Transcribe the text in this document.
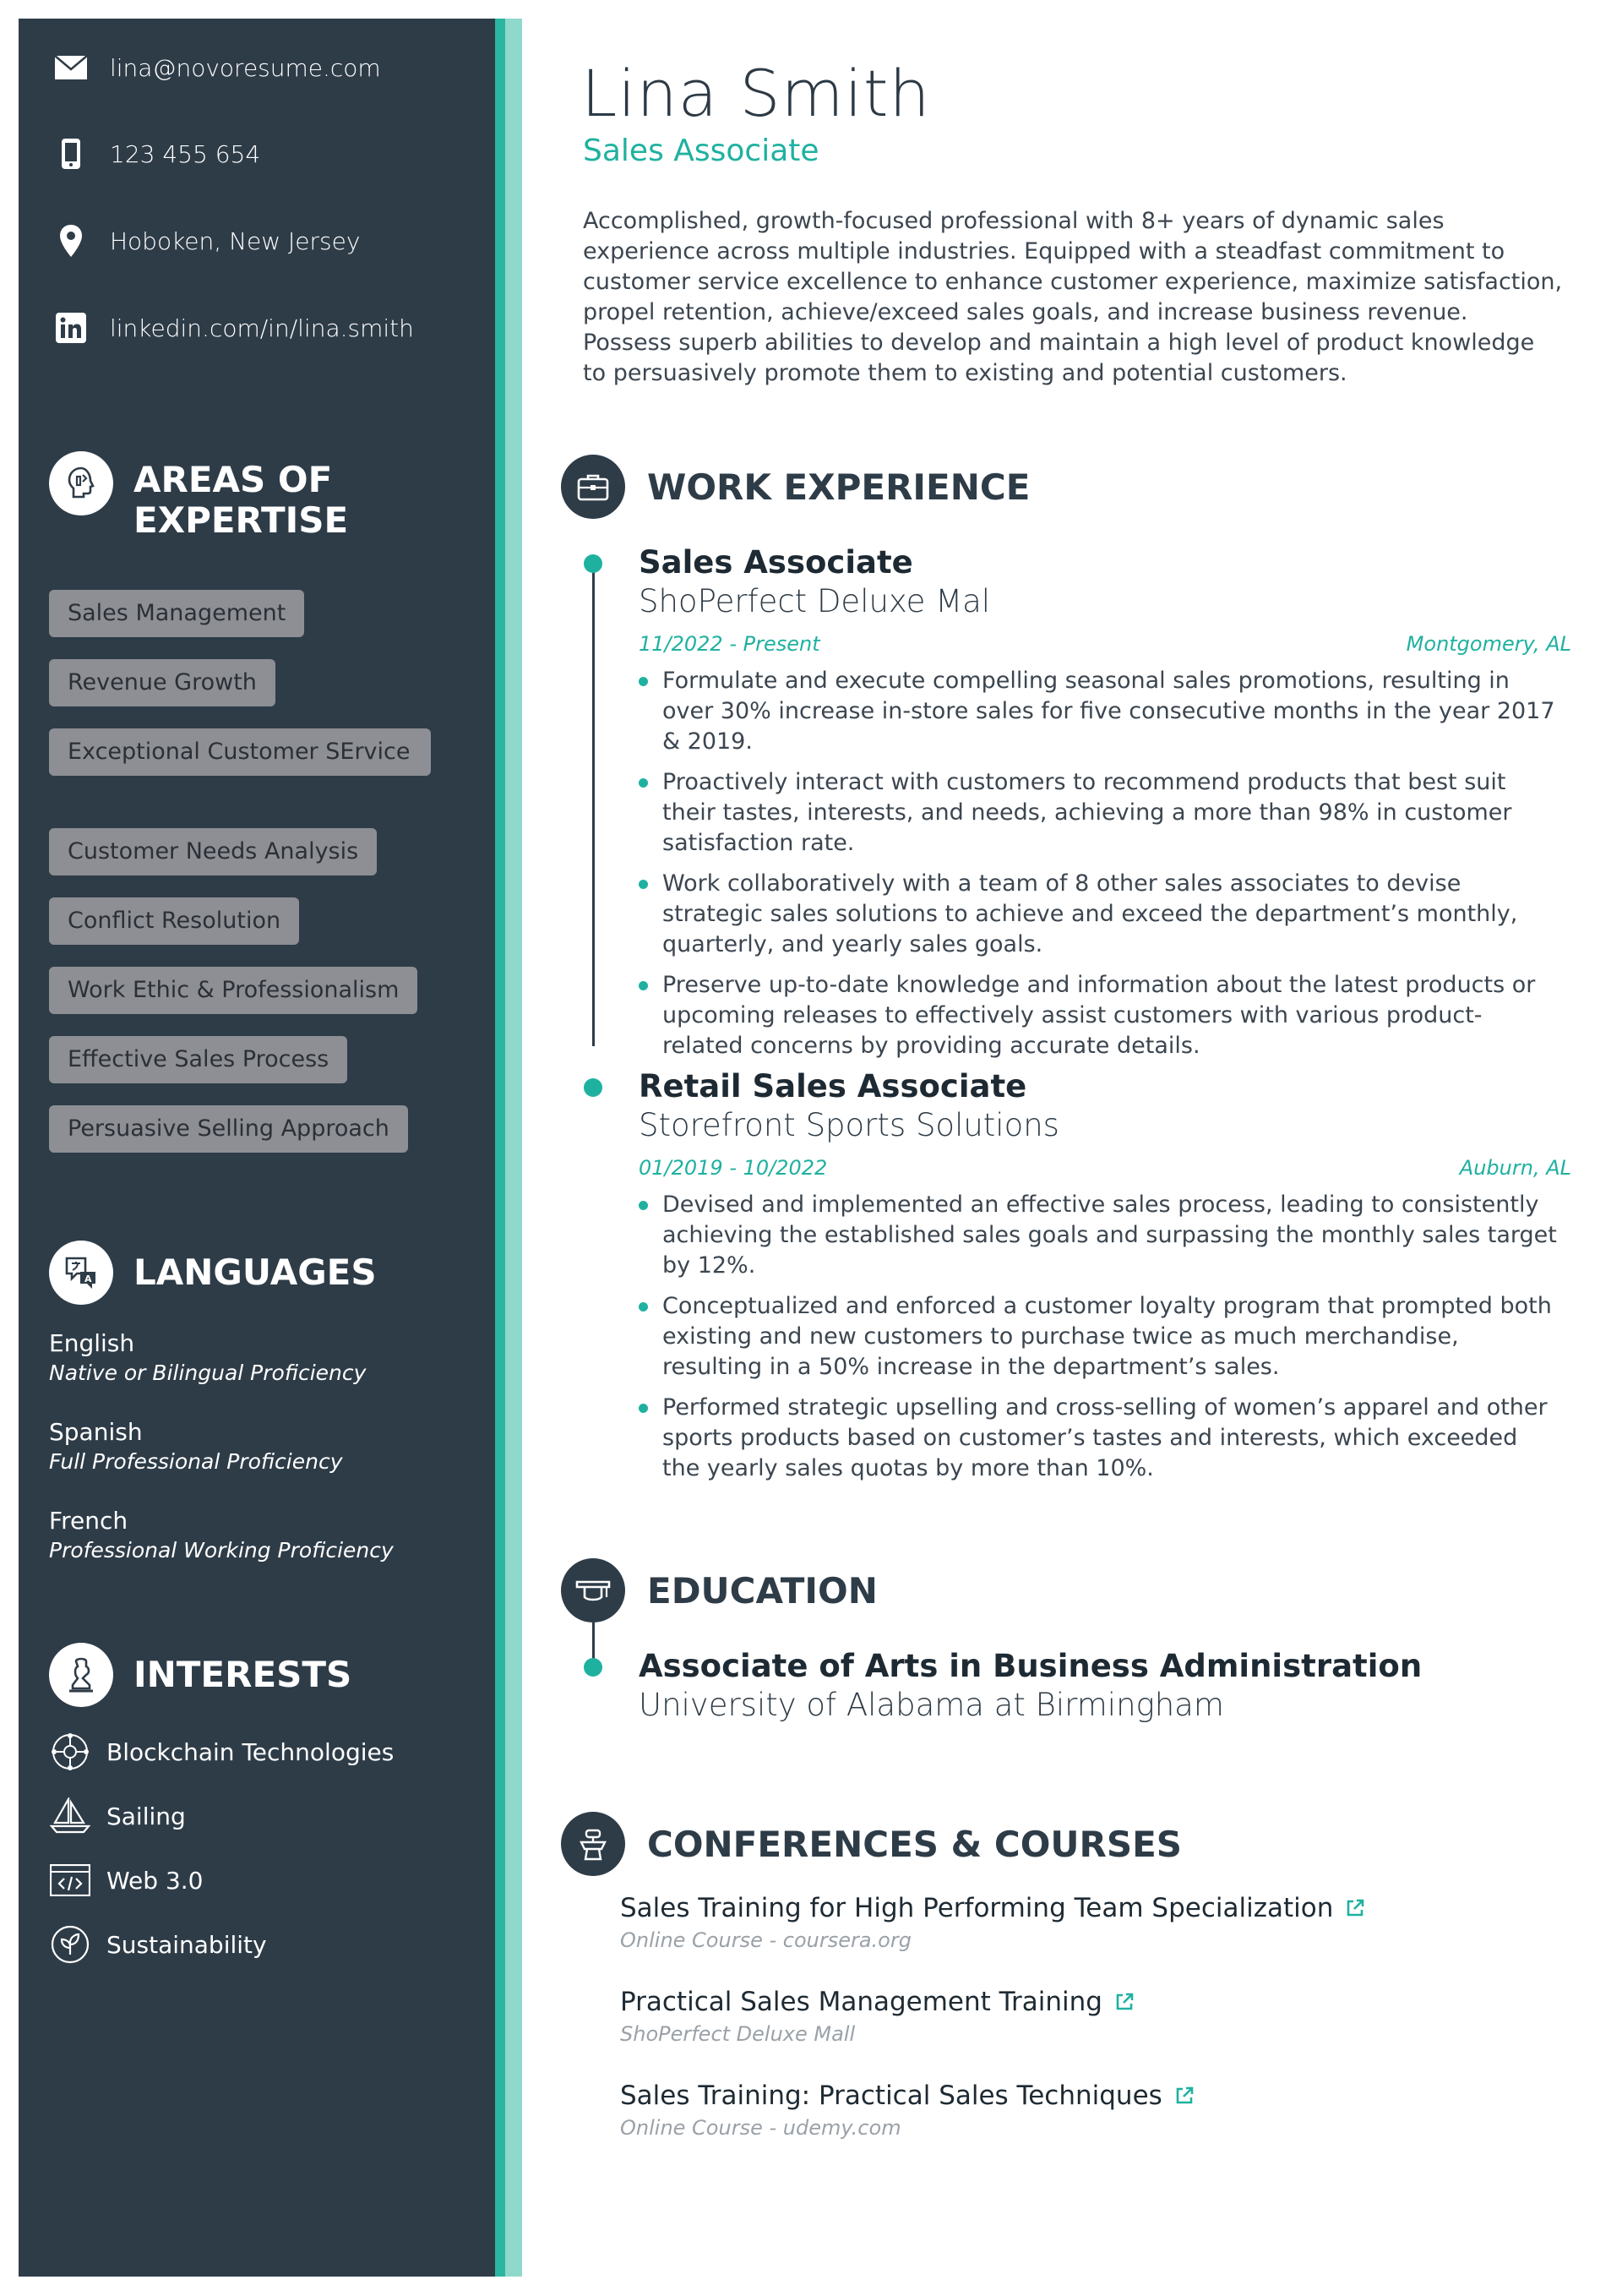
lina@novoresume.com
123 455 654
Hoboken, New Jersey
linkedin.com/in/lina.smith
AREAS OF
EXPERTISE
Sales Management
Revenue Growth
Exceptional Customer SErvice
Customer Needs Analysis
Conflict Resolution
Work Ethic & Professionalism
Effective Sales Process
Persuasive Selling Approach
A LANGUAGES
English
Native or Bilingual Proficiency
Spanish
Full Professional Proficiency
French
Professional Working Proficiency
INTERESTS
Blockchain Technologies
Sailing
Web 3.0
Sustainability
Lina Smith
Sales Associate
Accomplished, growth-focused professional with 8+ years of dynamic sales experience across multiple industries. Equipped with a steadfast commitment to customer service excellence to enhance customer experience, maximize satisfaction, propel retention, achieve/exceed sales goals, and increase business revenue. Possess superb abilities to develop and maintain a high level of product knowledge to persuasively promote them to existing and potential customers.
WORK EXPERIENCE
Sales Associate
ShoPerfect Deluxe Mal
11/2022 - Present	Montgomery, AL
Formulate and execute compelling seasonal sales promotions, resulting in over 30% increase in-store sales for five consecutive months in the year 2017 & 2019.
Proactively interact with customers to recommend products that best suit their tastes, interests, and needs, achieving a more than 98% in customer satisfaction rate.
Work collaboratively with a team of 8 other sales associates to devise strategic sales solutions to achieve and exceed the department’s monthly, quarterly, and yearly sales goals.
Preserve up-to-date knowledge and information about the latest products or upcoming releases to effectively assist customers with various product-related concerns by providing accurate details.
Retail Sales Associate
Storefront Sports Solutions
01/2019 - 10/2022	Auburn, AL
Devised and implemented an effective sales process, leading to consistently achieving the established sales goals and surpassing the monthly sales target by 12%.
Conceptualized and enforced a customer loyalty program that prompted both existing and new customers to purchase twice as much merchandise, resulting in a 50% increase in the department’s sales.
Performed strategic upselling and cross-selling of women’s apparel and other sports products based on customer’s tastes and interests, which exceeded the yearly sales quotas by more than 10%.
EDUCATION
Associate of Arts in Business Administration
University of Alabama at Birmingham
CONFERENCES & COURSES
Sales Training for High Performing Team Specialization
Online Course - coursera.org
Practical Sales Management Training
ShoPerfect Deluxe Mall
Sales Training: Practical Sales Techniques
Online Course - udemy.com
